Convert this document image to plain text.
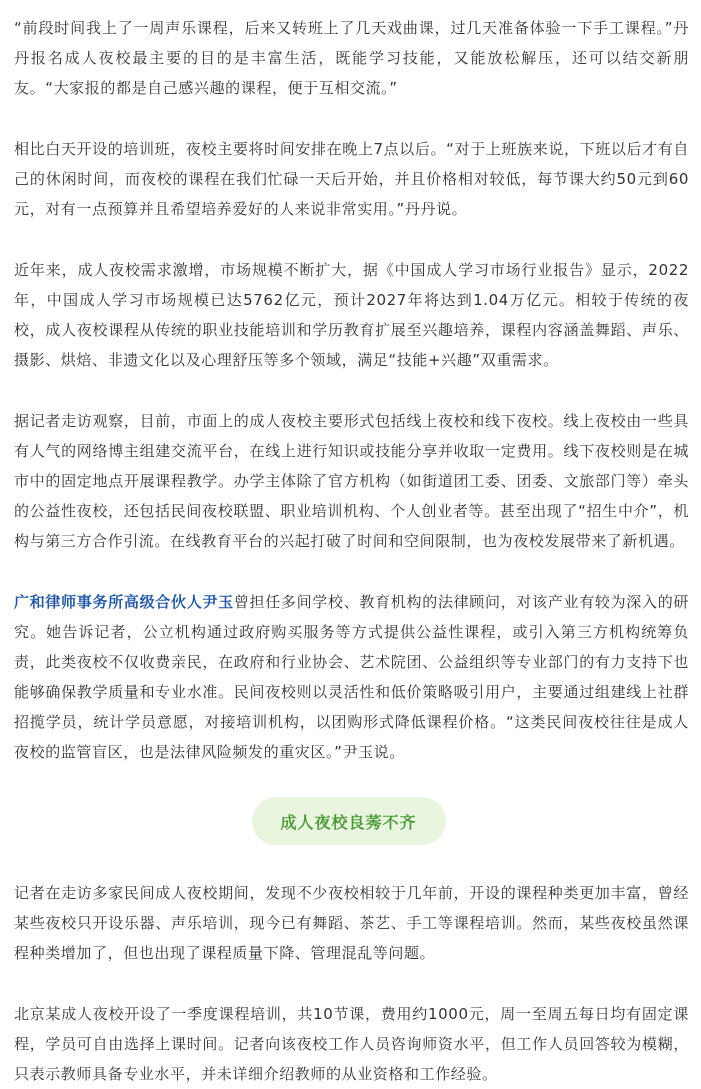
“前段时间我上了一周声乐课程，后来又转班上了几天戏曲课，过几天准备体验一下手工课程。”丹丹报名成人夜校最主要的目的是丰富生活，既能学习技能，又能放松解压，还可以结交新朋友。“大家报的都是自己感兴趣的课程，便于互相交流。”

相比白天开设的培训班，夜校主要将时间安排在晚上7点以后。“对于上班族来说，下班以后才有自己的休闲时间，而夜校的课程在我们忙碌一天后开始，并且价格相对较低，每节课大约50元到60元，对有一点预算并且希望培养爱好的人来说非常实用。”丹丹说。

近年来，成人夜校需求激增，市场规模不断扩大，据《中国成人学习市场行业报告》显示，2022年，中国成人学习市场规模已达5762亿元，预计2027年将达到1.04万亿元。相较于传统的夜校，成人夜校课程从传统的职业技能培训和学历教育扩展至兴趣培养，课程内容涵盖舞蹈、声乐、摄影、烘焙、非遗文化以及心理舒压等多个领域，满足“技能+兴趣”双重需求。

据记者走访观察，目前，市面上的成人夜校主要形式包括线上夜校和线下夜校。线上夜校由一些具有人气的网络博主组建交流平台，在线上进行知识或技能分享并收取一定费用。线下夜校则是在城市中的固定地点开展课程教学。办学主体除了官方机构（如街道团工委、团委、文旅部门等）牵头的公益性夜校，还包括民间夜校联盟、职业培训机构、个人创业者等。甚至出现了“招生中介”，机构与第三方合作引流。在线教育平台的兴起打破了时间和空间限制，也为夜校发展带来了新机遇。

广和律师事务所高级合伙人尹玉曾担任多间学校、教育机构的法律顾问，对该产业有较为深入的研究。她告诉记者，公立机构通过政府购买服务等方式提供公益性课程，或引入第三方机构统筹负责，此类夜校不仅收费亲民，在政府和行业协会、艺术院团、公益组织等专业部门的有力支持下也能够确保教学质量和专业水准。民间夜校则以灵活性和低价策略吸引用户，主要通过组建线上社群招揽学员，统计学员意愿，对接培训机构，以团购形式降低课程价格。“这类民间夜校往往是成人夜校的监管盲区，也是法律风险频发的重灾区。”尹玉说。

成人夜校良莠不齐

记者在走访多家民间成人夜校期间，发现不少夜校相较于几年前，开设的课程种类更加丰富，曾经某些夜校只开设乐器、声乐培训，现今已有舞蹈、茶艺、手工等课程培训。然而，某些夜校虽然课程种类增加了，但也出现了课程质量下降、管理混乱等问题。

北京某成人夜校开设了一季度课程培训，共10节课，费用约1000元，周一至周五每日均有固定课程，学员可自由选择上课时间。记者向该夜校工作人员咨询师资水平，但工作人员回答较为模糊，只表示教师具备专业水平，并未详细介绍教师的从业资格和工作经验。
